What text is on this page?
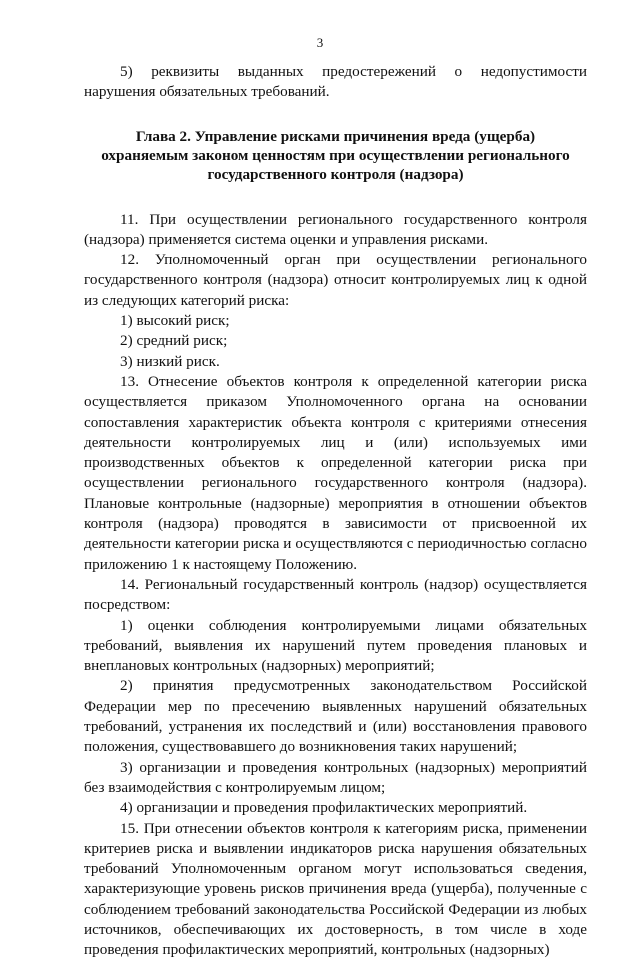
3

5) реквизиты выданных предостережений о недопустимости нарушения обязательных требований.

Глава 2. Управление рисками причинения вреда (ущерба)
охраняемым законом ценностям при осуществлении регионального
государственного контроля (надзора)

11. При осуществлении регионального государственного контроля (надзора) применяется система оценки и управления рисками.

12. Уполномоченный орган при осуществлении регионального государственного контроля (надзора) относит контролируемых лиц к одной из следующих категорий риска:

1) высокий риск;

2) средний риск;

3) низкий риск.

13. Отнесение объектов контроля к определенной категории риска осуществляется приказом Уполномоченного органа на основании сопоставления характеристик объекта контроля с критериями отнесения деятельности контролируемых лиц и (или) используемых ими производственных объектов к определенной категории риска при осуществлении регионального государственного контроля (надзора). Плановые контрольные (надзорные) мероприятия в отношении объектов контроля (надзора) проводятся в зависимости от присвоенной их деятельности категории риска и осуществляются с периодичностью согласно приложению 1 к настоящему Положению.

14. Региональный государственный контроль (надзор) осуществляется посредством:

1) оценки соблюдения контролируемыми лицами обязательных требований, выявления их нарушений путем проведения плановых и внеплановых контрольных (надзорных) мероприятий;

2) принятия предусмотренных законодательством Российской Федерации мер по пресечению выявленных нарушений обязательных требований, устранения их последствий и (или) восстановления правового положения, существовавшего до возникновения таких нарушений;

3) организации и проведения контрольных (надзорных) мероприятий без взаимодействия с контролируемым лицом;

4) организации и проведения профилактических мероприятий.

15. При отнесении объектов контроля к категориям риска, применении критериев риска и выявлении индикаторов риска нарушения обязательных требований Уполномоченным органом могут использоваться сведения, характеризующие уровень рисков причинения вреда (ущерба), полученные с соблюдением требований законодательства Российской Федерации из любых источников, обеспечивающих их достоверность, в том числе в ходе проведения профилактических мероприятий, контрольных (надзорных)
